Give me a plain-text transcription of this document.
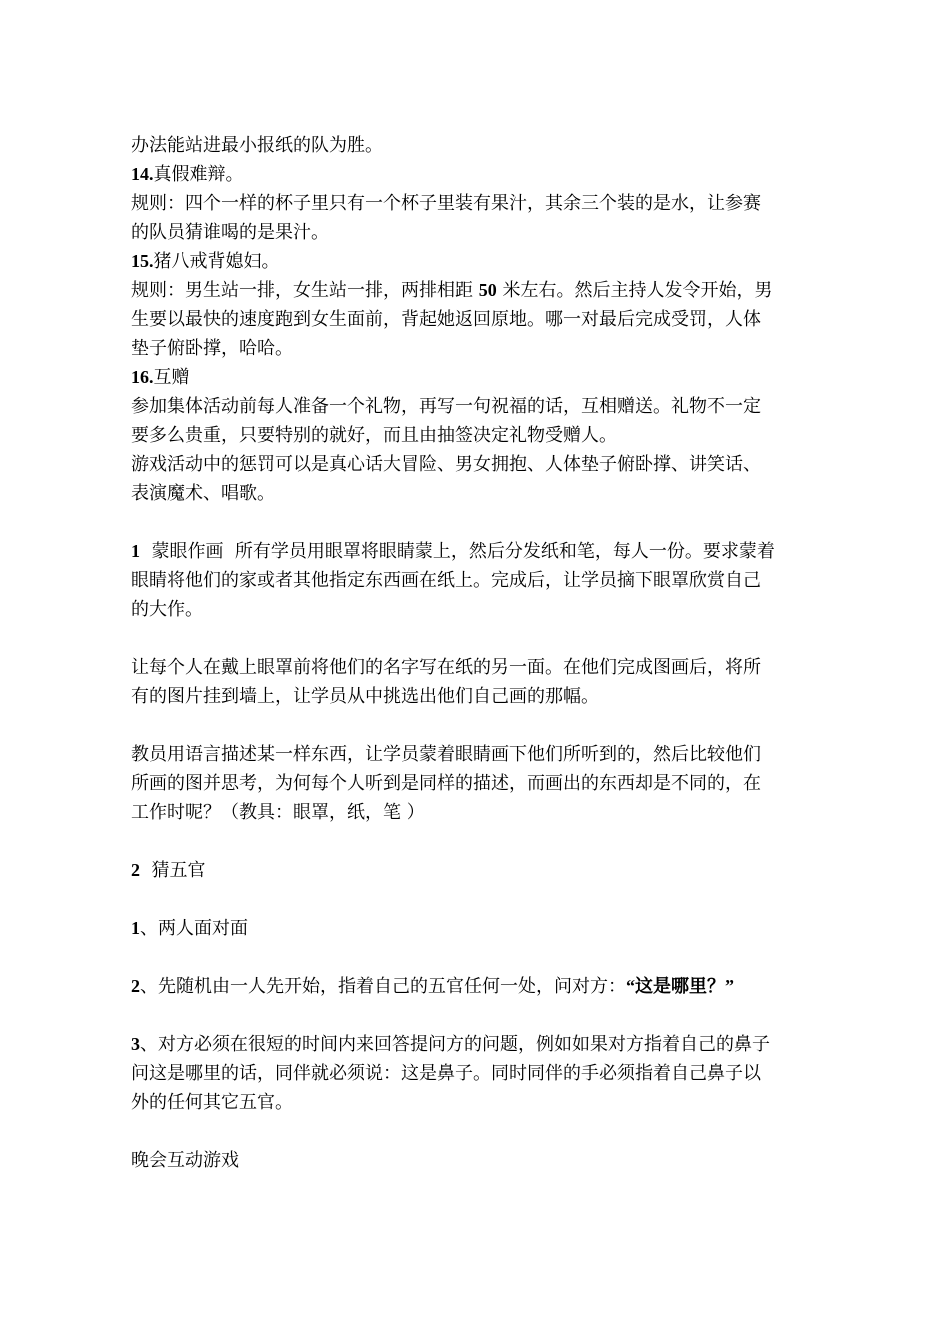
办法能站进最小报纸的队为胜。
14.真假难辩。
规则：四个一样的杯子里只有一个杯子里装有果汁，其余三个装的是水，让参赛
的队员猜谁喝的是果汁。
15.猪八戒背媳妇。
规则：男生站一排，女生站一排，两排相距 50 米左右。然后主持人发令开始，男
生要以最快的速度跑到女生面前，背起她返回原地。哪一对最后完成受罚，人体
垫子俯卧撑，哈哈。
16.互赠
参加集体活动前每人准备一个礼物，再写一句祝福的话，互相赠送。礼物不一定
要多么贵重，只要特别的就好，而且由抽签决定礼物受赠人。
游戏活动中的惩罚可以是真心话大冒险、男女拥抱、人体垫子俯卧撑、讲笑话、
表演魔术、唱歌。
1  蒙眼作画  所有学员用眼罩将眼睛蒙上，然后分发纸和笔，每人一份。要求蒙着
眼睛将他们的家或者其他指定东西画在纸上。完成后，让学员摘下眼罩欣赏自己
的大作。
让每个人在戴上眼罩前将他们的名字写在纸的另一面。在他们完成图画后，将所
有的图片挂到墙上，让学员从中挑选出他们自己画的那幅。
教员用语言描述某一样东西，让学员蒙着眼睛画下他们所听到的，然后比较他们
所画的图并思考，为何每个人听到是同样的描述，而画出的东西却是不同的，在
工作时呢？（教具：眼罩，纸，笔 ）
2  猜五官
1、两人面对面
2、先随机由一人先开始，指着自己的五官任何一处，问对方：“这是哪里？”
3、对方必须在很短的时间内来回答提问方的问题，例如如果对方指着自己的鼻子
问这是哪里的话，同伴就必须说：这是鼻子。同时同伴的手必须指着自己鼻子以
外的任何其它五官。
晚会互动游戏
